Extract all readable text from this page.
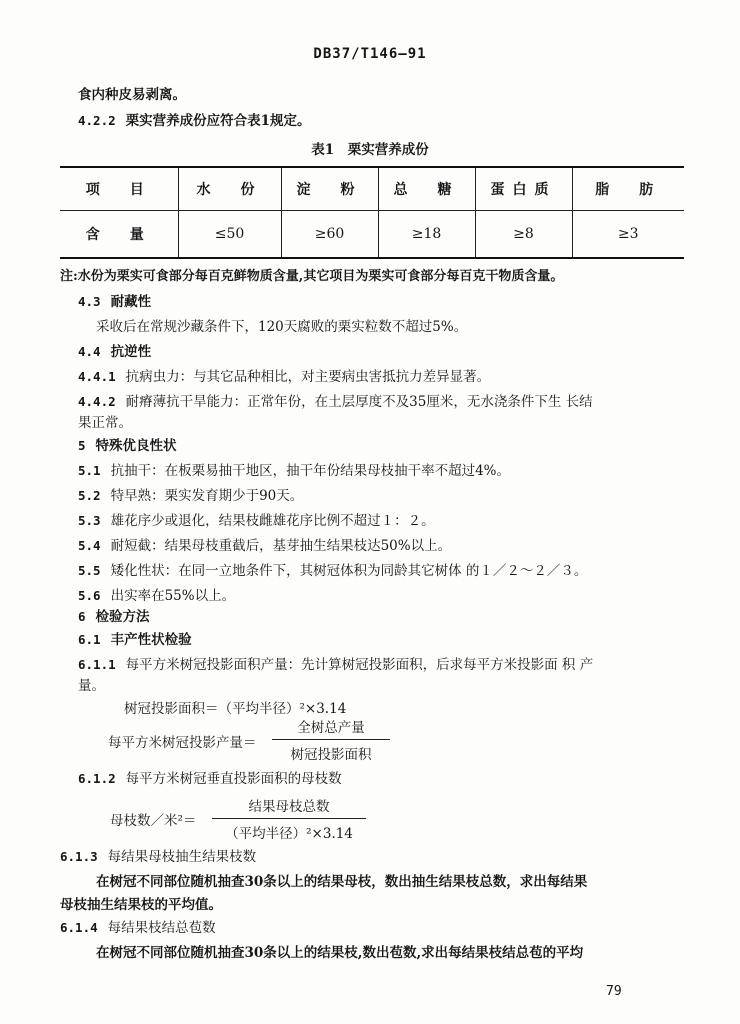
DB37/T146—91
食内种皮易剥离。
4.2.2 栗实营养成份应符合表1规定。
表1　栗实营养成份
项　目	水　份	淀　粉	总　糖	蛋白质	脂　肪
含　量	≤50	≥60	≥18	≥8	≥3
注:水份为栗实可食部分每百克鲜物质含量,其它项目为栗实可食部分每百克干物质含量。
4.3 耐藏性
采收后在常规沙藏条件下，120天腐败的栗实粒数不超过5%。
4.4 抗逆性
4.4.1 抗病虫力：与其它品种相比，对主要病虫害抵抗力差异显著。
4.4.2 耐瘠薄抗干旱能力：正常年份，在土层厚度不及35厘米，无水浇条件下生 长结
果正常。
5 特殊优良性状
5.1 抗抽干：在板栗易抽干地区，抽干年份结果母枝抽干率不超过4%。
5.2 特早熟：栗实发育期少于90天。
5.3 雄花序少或退化，结果枝雌雄花序比例不超过１：２。
5.4 耐短截：结果母枝重截后，基芽抽生结果枝达50%以上。
5.5 矮化性状：在同一立地条件下，其树冠体积为同龄其它树体 的１／２～２／３。
5.6 出实率在55%以上。
6 检验方法
6.1 丰产性状检验
6.1.1 每平方米树冠投影面积产量：先计算树冠投影面积，后求每平方米投影面 积 产
量。
树冠投影面积＝（平均半径）²×3.14
每平方米树冠投影产量＝
全树总产量
树冠投影面积
6.1.2 每平方米树冠垂直投影面积的母枝数
母枝数／米²＝
结果母枝总数
（平均半径）²×3.14
6.1.3 每结果母枝抽生结果枝数
在树冠不同部位随机抽查30条以上的结果母枝，数出抽生结果枝总数，求出每结果
母枝抽生结果枝的平均值。
6.1.4 每结果枝结总苞数
在树冠不同部位随机抽查30条以上的结果枝,数出苞数,求出每结果枝结总苞的平均
79
